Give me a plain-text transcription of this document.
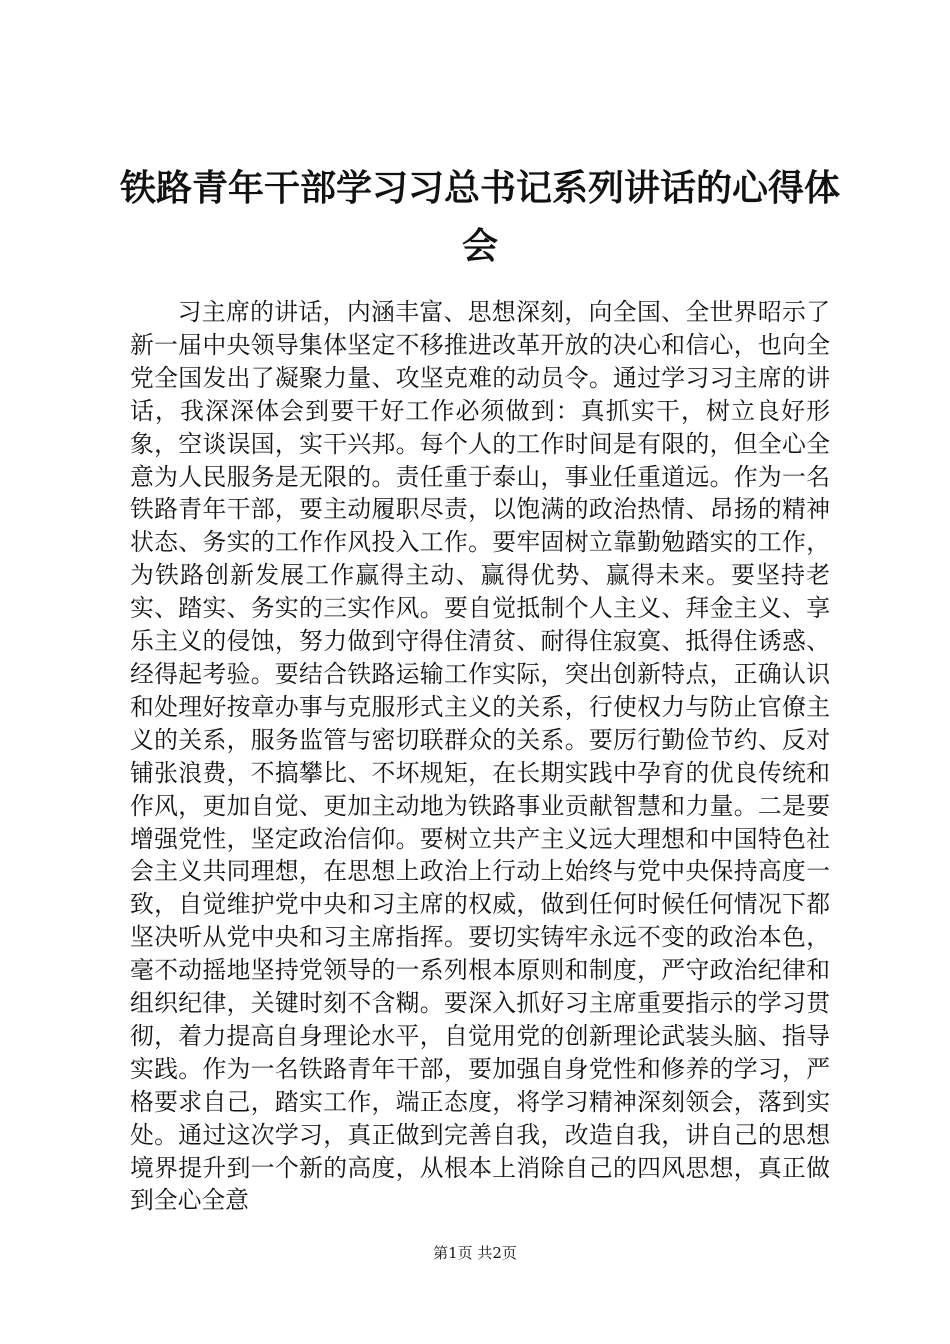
铁路青年干部学习习总书记系列讲话的心得体会

习主席的讲话，内涵丰富、思想深刻，向全国、全世界昭示了新一届中央领导集体坚定不移推进改革开放的决心和信心，也向全党全国发出了凝聚力量、攻坚克难的动员令。通过学习习主席的讲话，我深深体会到要干好工作必须做到：真抓实干，树立良好形象，空谈误国，实干兴邦。每个人的工作时间是有限的，但全心全意为人民服务是无限的。责任重于泰山，事业任重道远。作为一名铁路青年干部，要主动履职尽责，以饱满的政治热情、昂扬的精神状态、务实的工作作风投入工作。要牢固树立靠勤勉踏实的工作，为铁路创新发展工作赢得主动、赢得优势、赢得未来。要坚持老实、踏实、务实的三实作风。要自觉抵制个人主义、拜金主义、享乐主义的侵蚀，努力做到守得住清贫、耐得住寂寞、抵得住诱惑、经得起考验。要结合铁路运输工作实际，突出创新特点，正确认识和处理好按章办事与克服形式主义的关系，行使权力与防止官僚主义的关系，服务监管与密切联群众的关系。要厉行勤俭节约、反对铺张浪费，不搞攀比、不坏规矩，在长期实践中孕育的优良传统和作风，更加自觉、更加主动地为铁路事业贡献智慧和力量。二是要增强党性，坚定政治信仰。要树立共产主义远大理想和中国特色社会主义共同理想，在思想上政治上行动上始终与党中央保持高度一致，自觉维护党中央和习主席的权威，做到任何时候任何情况下都坚决听从党中央和习主席指挥。要切实铸牢永远不变的政治本色，毫不动摇地坚持党领导的一系列根本原则和制度，严守政治纪律和组织纪律，关键时刻不含糊。要深入抓好习主席重要指示的学习贯彻，着力提高自身理论水平，自觉用党的创新理论武装头脑、指导实践。作为一名铁路青年干部，要加强自身党性和修养的学习，严格要求自己，踏实工作，端正态度，将学习精神深刻领会，落到实处。通过这次学习，真正做到完善自我，改造自我，讲自己的思想境界提升到一个新的高度，从根本上消除自己的四风思想，真正做到全心全意

第1页 共2页
